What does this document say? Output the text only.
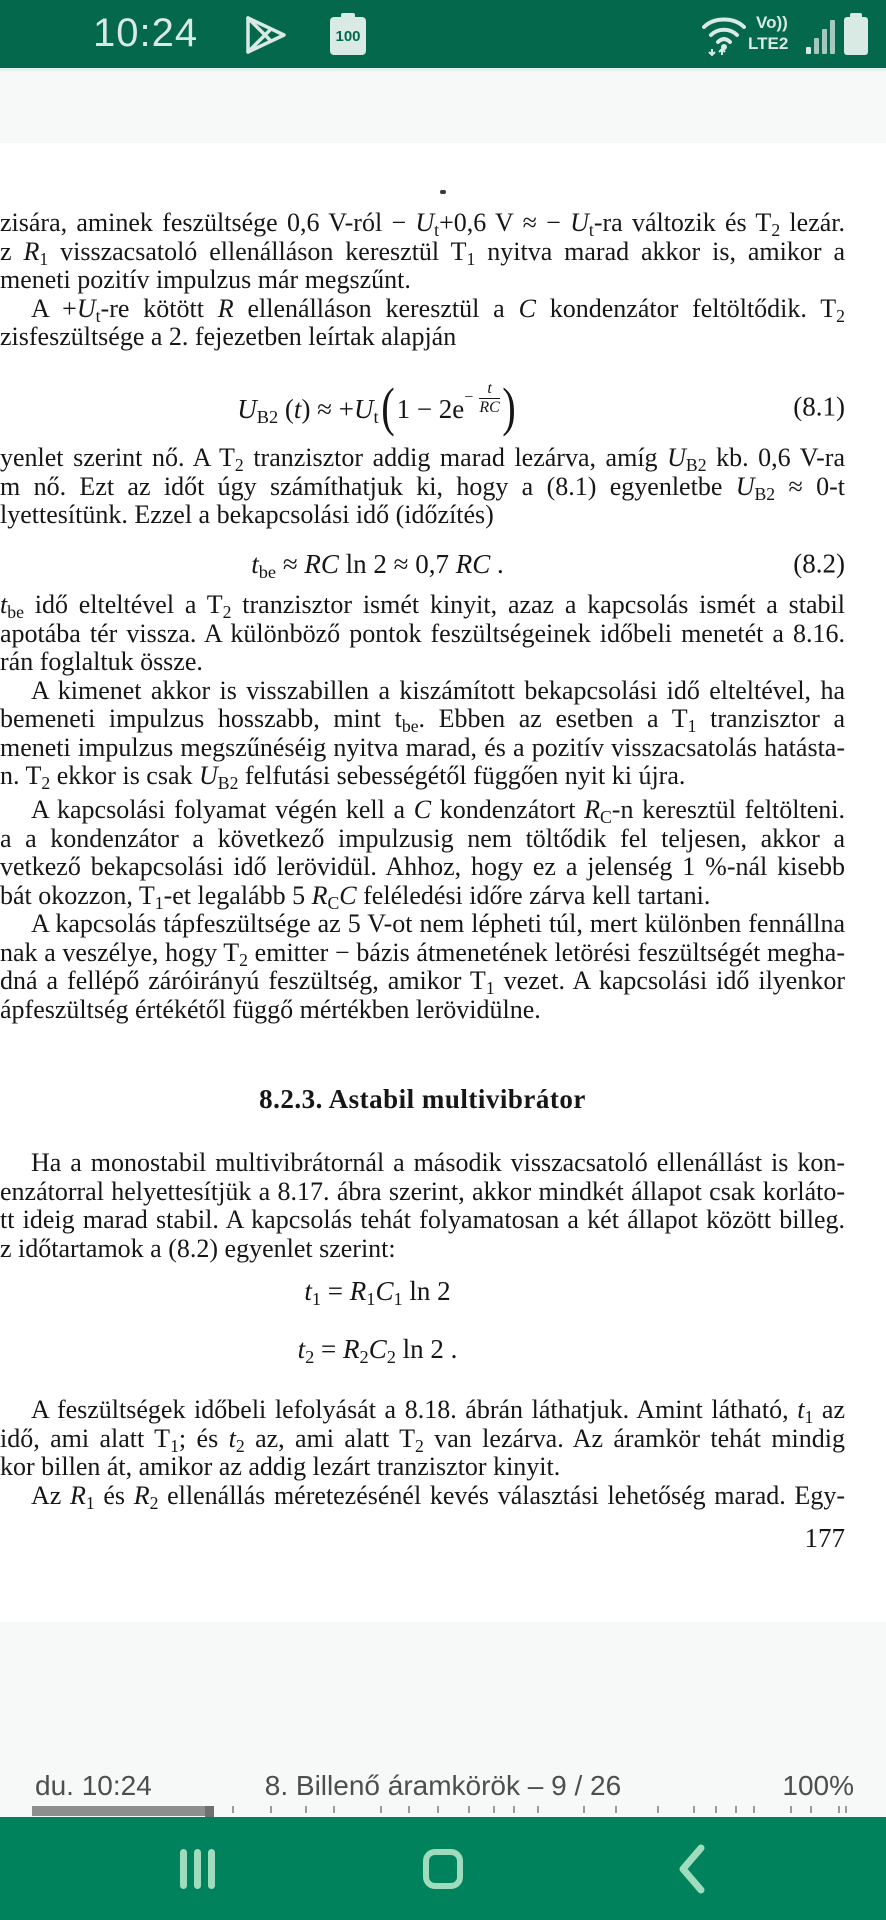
10:24	100
Vo))
LTE2
zisára, aminek feszültsége 0,6 V-ról − $U_t+0,6$ V ≈ − $U_t-ra$ változik és $T_2$ lezár.
z $R_1$ visszacsatoló ellenálláson keresztül $T_1$ nyitva marad akkor is, amikor a
meneti pozitív impulzus már megszűnt.
$A +U_t-re$ kötött R ellenálláson keresztül a C kondenzátor feltöltődik. $T_2$
zisfeszültsége a 2. fejezetben leírtak alapján
$U_{B2}$ $(t) \approx +U_t(1 - 2e- \frac{t}{RC}$ )	(8.1)
yenlet szerint nő. A $T_2$ tranzisztor addig marad lezárva, amíg $U_{B2}$ kb. 0,6 V-ra
m nő. Ezt az időt úgy számíthatjuk ki, hogy a (8.1) egyenletbe $U_{B2} \approx 0-t$
lyettesítünk. Ezzel a bekapcsolási idő (időzítés)
$t_{be}$ ≈ RC ln 2 ≈ 0,7 RC .	(8.2)
$t_{be}$ idő elteltével a $T_2$ tranzisztor ismét kinyit, azaz a kapcsolás ismét a stabil
apotába tér vissza. A különböző pontok feszültségeinek időbeli menetét a 8.16.
rán foglaltuk össze.
A kimenet akkor is visszabillen a kiszámított bekapcsolási idő elteltével, ha
bemeneti impulzus hosszabb, mint $t_{be}$. Ebben az esetben a $T_1$ tranzisztor a
meneti impulzus megszűnéséig nyitva marad, és a pozitív visszacsatolás hatásta-
n. $T_2$ ekkor is csak $U_{B2}$ felfutási sebességétől függően nyit ki újra.
A kapcsolási folyamat végén kell a C kondenzátort $R_C-n$ keresztül feltölteni.
a a kondenzátor a következő impulzusig nem töltődik fel teljesen, akkor a
vetkező bekapcsolási idő lerövidül. Ahhoz, hogy ez a jelenség 1 %-nál kisebb
bát okozzon, $T_1-et$ legalább 5 $R_CC$ feléledési időre zárva kell tartani.
A kapcsolás tápfeszültsége az 5 V-ot nem lépheti túl, mert különben fennállna
nak a veszélye, hogy $T_2$ emitter − bázis átmenetének letörési feszültségét megha-
dná a fellépő záróirányú feszültség, amikor $T_1$ vezet. A kapcsolási idő ilyenkor
ápfeszültség értékétől függő mértékben lerövidülne.
8.2.3. Astabil multivibrátor
Ha a monostabil multivibrátornál a második visszacsatoló ellenállást is kon-
enzátorral helyettesítjük a 8.17. ábra szerint, akkor mindkét állapot csak korláto-
tt ideig marad stabil. A kapcsolás tehát folyamatosan a két állapot között billeg.
z időtartamok a (8.2) egyenlet szerint:
$t_1 = R_1C_1$ ln 2
$t_2 = R_2C_2$ ln 2 .
A feszültségek időbeli lefolyását a 8.18. ábrán láthatjuk. Amint látható, $t_1$ az
idő, ami alatt $T_1$; és $t_2$ az, ami alatt $T_2$ van lezárva. Az áramkör tehát mindig
kor billen át, amikor az addig lezárt tranzisztor kinyit.
Az $R_1$ és $R_2$ ellenállás méretezésénél kevés választási lehetőség marad. Egy-
177
du. 10:24	8. Billenő áramkörök – 9 / 26	100%
